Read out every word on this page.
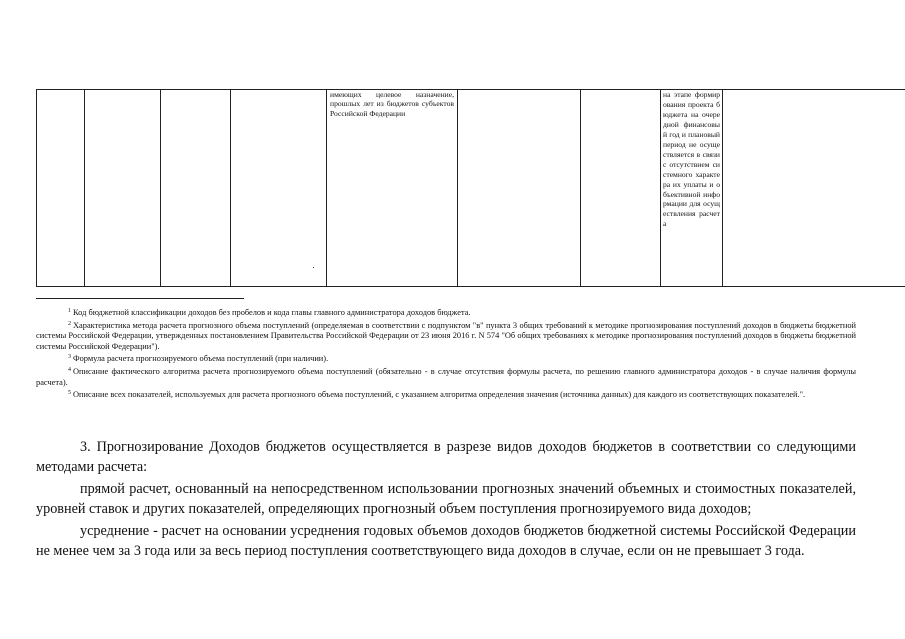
				имеющих целевое назначение, прошлых лет из бюджетов субъектов Российской Федерации			на этапе формирования проекта бюджета на очередной финансовый год и плановый период не осуществляется в связи с отсутствием системного характера их уплаты и объективной информации для осуществления расчета	

$^1$ Код бюджетной классификации доходов без пробелов и кода главы главного администратора доходов бюджета.

$^2$ Характеристика метода расчета прогнозного объема поступлений (определяемая в соответствии с подпунктом "в" пункта 3 общих требований к методике прогнозирования поступлений доходов в бюджеты бюджетной системы Российской Федерации, утвержденных постановлением Правительства Российской Федерации от 23 июня 2016 г. N 574 "Об общих требованиях к методике прогнозирования поступлений доходов в бюджеты бюджетной системы Российской Федерации").

$^3$ Формула расчета прогнозируемого объема поступлений (при наличии).

$^4$ Описание фактического алгоритма расчета прогнозируемого объема поступлений (обязательно - в случае отсутствия формулы расчета, по решению главного администратора доходов - в случае наличия формулы расчета).

$^5$ Описание всех показателей, используемых для расчета прогнозного объема поступлений, с указанием алгоритма определения значения (источника данных) для каждого из соответствующих показателей.".

3. Прогнозирование Доходов бюджетов осуществляется в разрезе видов доходов бюджетов в соответствии со следующими методами расчета:

прямой расчет, основанный на непосредственном использовании прогнозных значений объемных и стоимостных показателей, уровней ставок и других показателей, определяющих прогнозный объем поступления прогнозируемого вида доходов;

усреднение - расчет на основании усреднения годовых объемов доходов бюджетов бюджетной системы Российской Федерации не менее чем за 3 года или за весь период поступления соответствующего вида доходов в случае, если он не превышает 3 года.
